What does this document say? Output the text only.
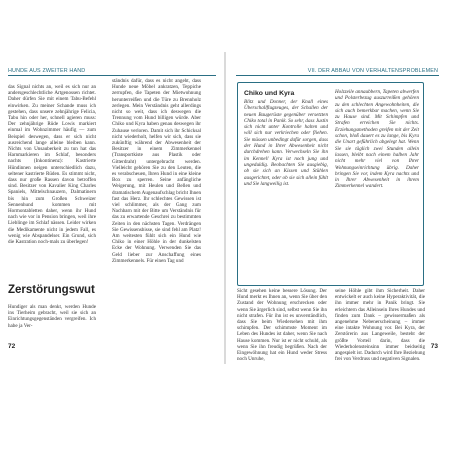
HUNDE AUS ZWEITER HAND

das Signal nichts an, weil es sich nur an andersgeschlechtliche Artgenossen richtet. Daher dürfen Sie mit einem Tabu-Befehl einwirken. Zu meiner Schande muss ich gestehen, dass unsere zehnjährige Felicia, Tabu hin oder her, schnell agieren muss: Der zehnjährige Rüde Lowis markiert einmal im Wohnzimmer häufig — zum Beispiel deswegen, dass er sich nicht ausreichend lange alleine bleiben kann. Nichts von Unsauberkeit zu tun hat das Harnmarkieren im Schlaf, besonders nachts (Inkontinenz): Kastrierte Hündinnen neigen unterschiedlich dazu, seltener kastrierte Rüden. Es stimmt nicht, dass nur große Rassen davon betroffen sind. Besitzer von Kavalier King Charles Spaniels, Mittelschnauzern, Dalmatinern bis hin zum Großen Schweizer Sennenhund kommen mit Hormontabletten daher, wenn ihr Hund nach wie vor in Pension bringen, weil ihre Lieblinge im Schlaf nässen. Leider wirken die Medikamente nicht in jedem Fall, es wenig wie Abspandelser. Ein Grund, sich die Kastration noch-mals zu überlegen!

ständnis dafür, dass es nicht angeht, dass Hunde neue Möbel ankratzen, Teppiche zerrupfen, die Tapeten der Mietwohnung herunterreißen und die Türe zu Brennholz zerlegen. Mein Verständnis geht allerdings nicht so weit, dass ich deswegen die Trennung vom Hund billigen würde. Aber Chiko und Kyra haben genau deswegen ihr Zuhause verloren. Damit sich ihr Schicksal nicht wiederholt, helfen wir sich, dass sie zukünftig während der Abwesenheit der Besitzer in einem Zimmerkennel (Transportkiste aus Plastik oder Gitterdraht) untergebracht werden. Vielleicht gehören Sie zu den Leuten, die es verabscheuen, Ihren Hund in eine kleine Box zu sperren. Seine anfängliche Weigerung, mit Heulen und Bellen und dramatischem Augenaufschlag bricht Ihnen fast das Herz. Ihr schlechtes Gewissen ist viel schlimmer, als der Gang zum Nachbarn mit der Bitte um Verständnis für das zu erwartende Geschrei zu bestimmten Zeiten in den nächsten Tagen. Verdrängen Sie Gewissensbisse, sie sind fehl am Platz! Am weitesten fühlt sich ein Hund wie Chiko in einer Höhle in der dunkelsten Ecke der Wohnung. Verwenden Sie das Geld lieber zur Anschaffung eines Zimmerkennels. Für einen Tag und

Zerstörungswut

Hundiger als man denkt, werden Hunde ins Tierheim gebracht, weil sie sich an Einrichtungsgegenständen vergreifen. Ich habe ja Ver-

72
VII. DER ABBAU VON VERHALTENSPROBLEMEN
Chiko und Kyra

Blitz und Donner, der Knall eines Überschallflugzeuges, der Schallen der neuen Baugerüste gegenüber versetzten Chiko total in Panik. So sehr, dass Justin sich nicht unter Kontrolle halten und will sich nur verkriechen oder fliehen. Sie müssen unbedingt dafür sorgen, dass der Hund in Ihrer Abwesenheit nicht durchdrehen kann. Verwechseln Sie ihn im Kennel! Kyra ist noch jung und ungeduldig. Beobachten Sie ausgiebig, ob sie sich an Kissen und Stühlen ausgerichtet, oder ob sie sich allein fühlt und Sie langweilig ist.

Holzzeile annaubbern, Tapeten abwerfen und Polsterbezug auszurreißen gehören zu den schlechten Angewohnheiten, die sich auch bemerkbar machen, wenn Sie zu Hause sind. Mit Schimpfen und Strafen erreichen Sie nichts. Erziehungsmethoden greifen mit der Zeit schon, bloß dauert es zu lange, bis Kyra die Unart geführlich abgelegt hat. Wenn Sie sie täglich zwei Stunden allein lassen, bleibt nach einem halben Jahr nicht mehr viel von Ihrer Wohnungseinrichtung übrig. Daher bringen Sie vor, indem Kyra nachts und in Ihrer Abwesenheit in ihrem Zimmerkennel wandert.

Sicht gesehen keine bessere Lösung. Der Hund merkt es Ihnen an, wenn Sie über den Zustand der Wohnung erschrecken oder wenn Sie ärgerlich sind, selbst wenn Sie ihn nicht strafen. Für ihn ist es unverständlich, dass Sie beim Wiedersehen mit ihm schimpfen. Der schimmste Moment im Leben des Hundes ist daher, wenn Sie nach Hause kommen. Nur ist er nicht schuld, als wenn Sie ihn freudig begrüßen. Nach der Eingewöhnung hat ein Hund weder Stress noch Unruhe,

seine Höhle gibt ihm Sicherheit. Daher entwickelt er auch keine Hyperaktivität, die ihn immer mehr in Panik bringt. Sie erleichtern das Alleinsein Ihres Hundes und finden zum Dank – gewissermaßen als angenehme Nebenerscheinung – immer eine intakte Wohnung vor. Bei Kyra, der Zerstörerin aus Langeweile, besteht der größte Vorteil darin, dass die Wiederholensteinsinn immer beidseitig angespielt ist. Dadurch wird Ihre Beziehung frei von Verdruss und negativen Signalen.

73
